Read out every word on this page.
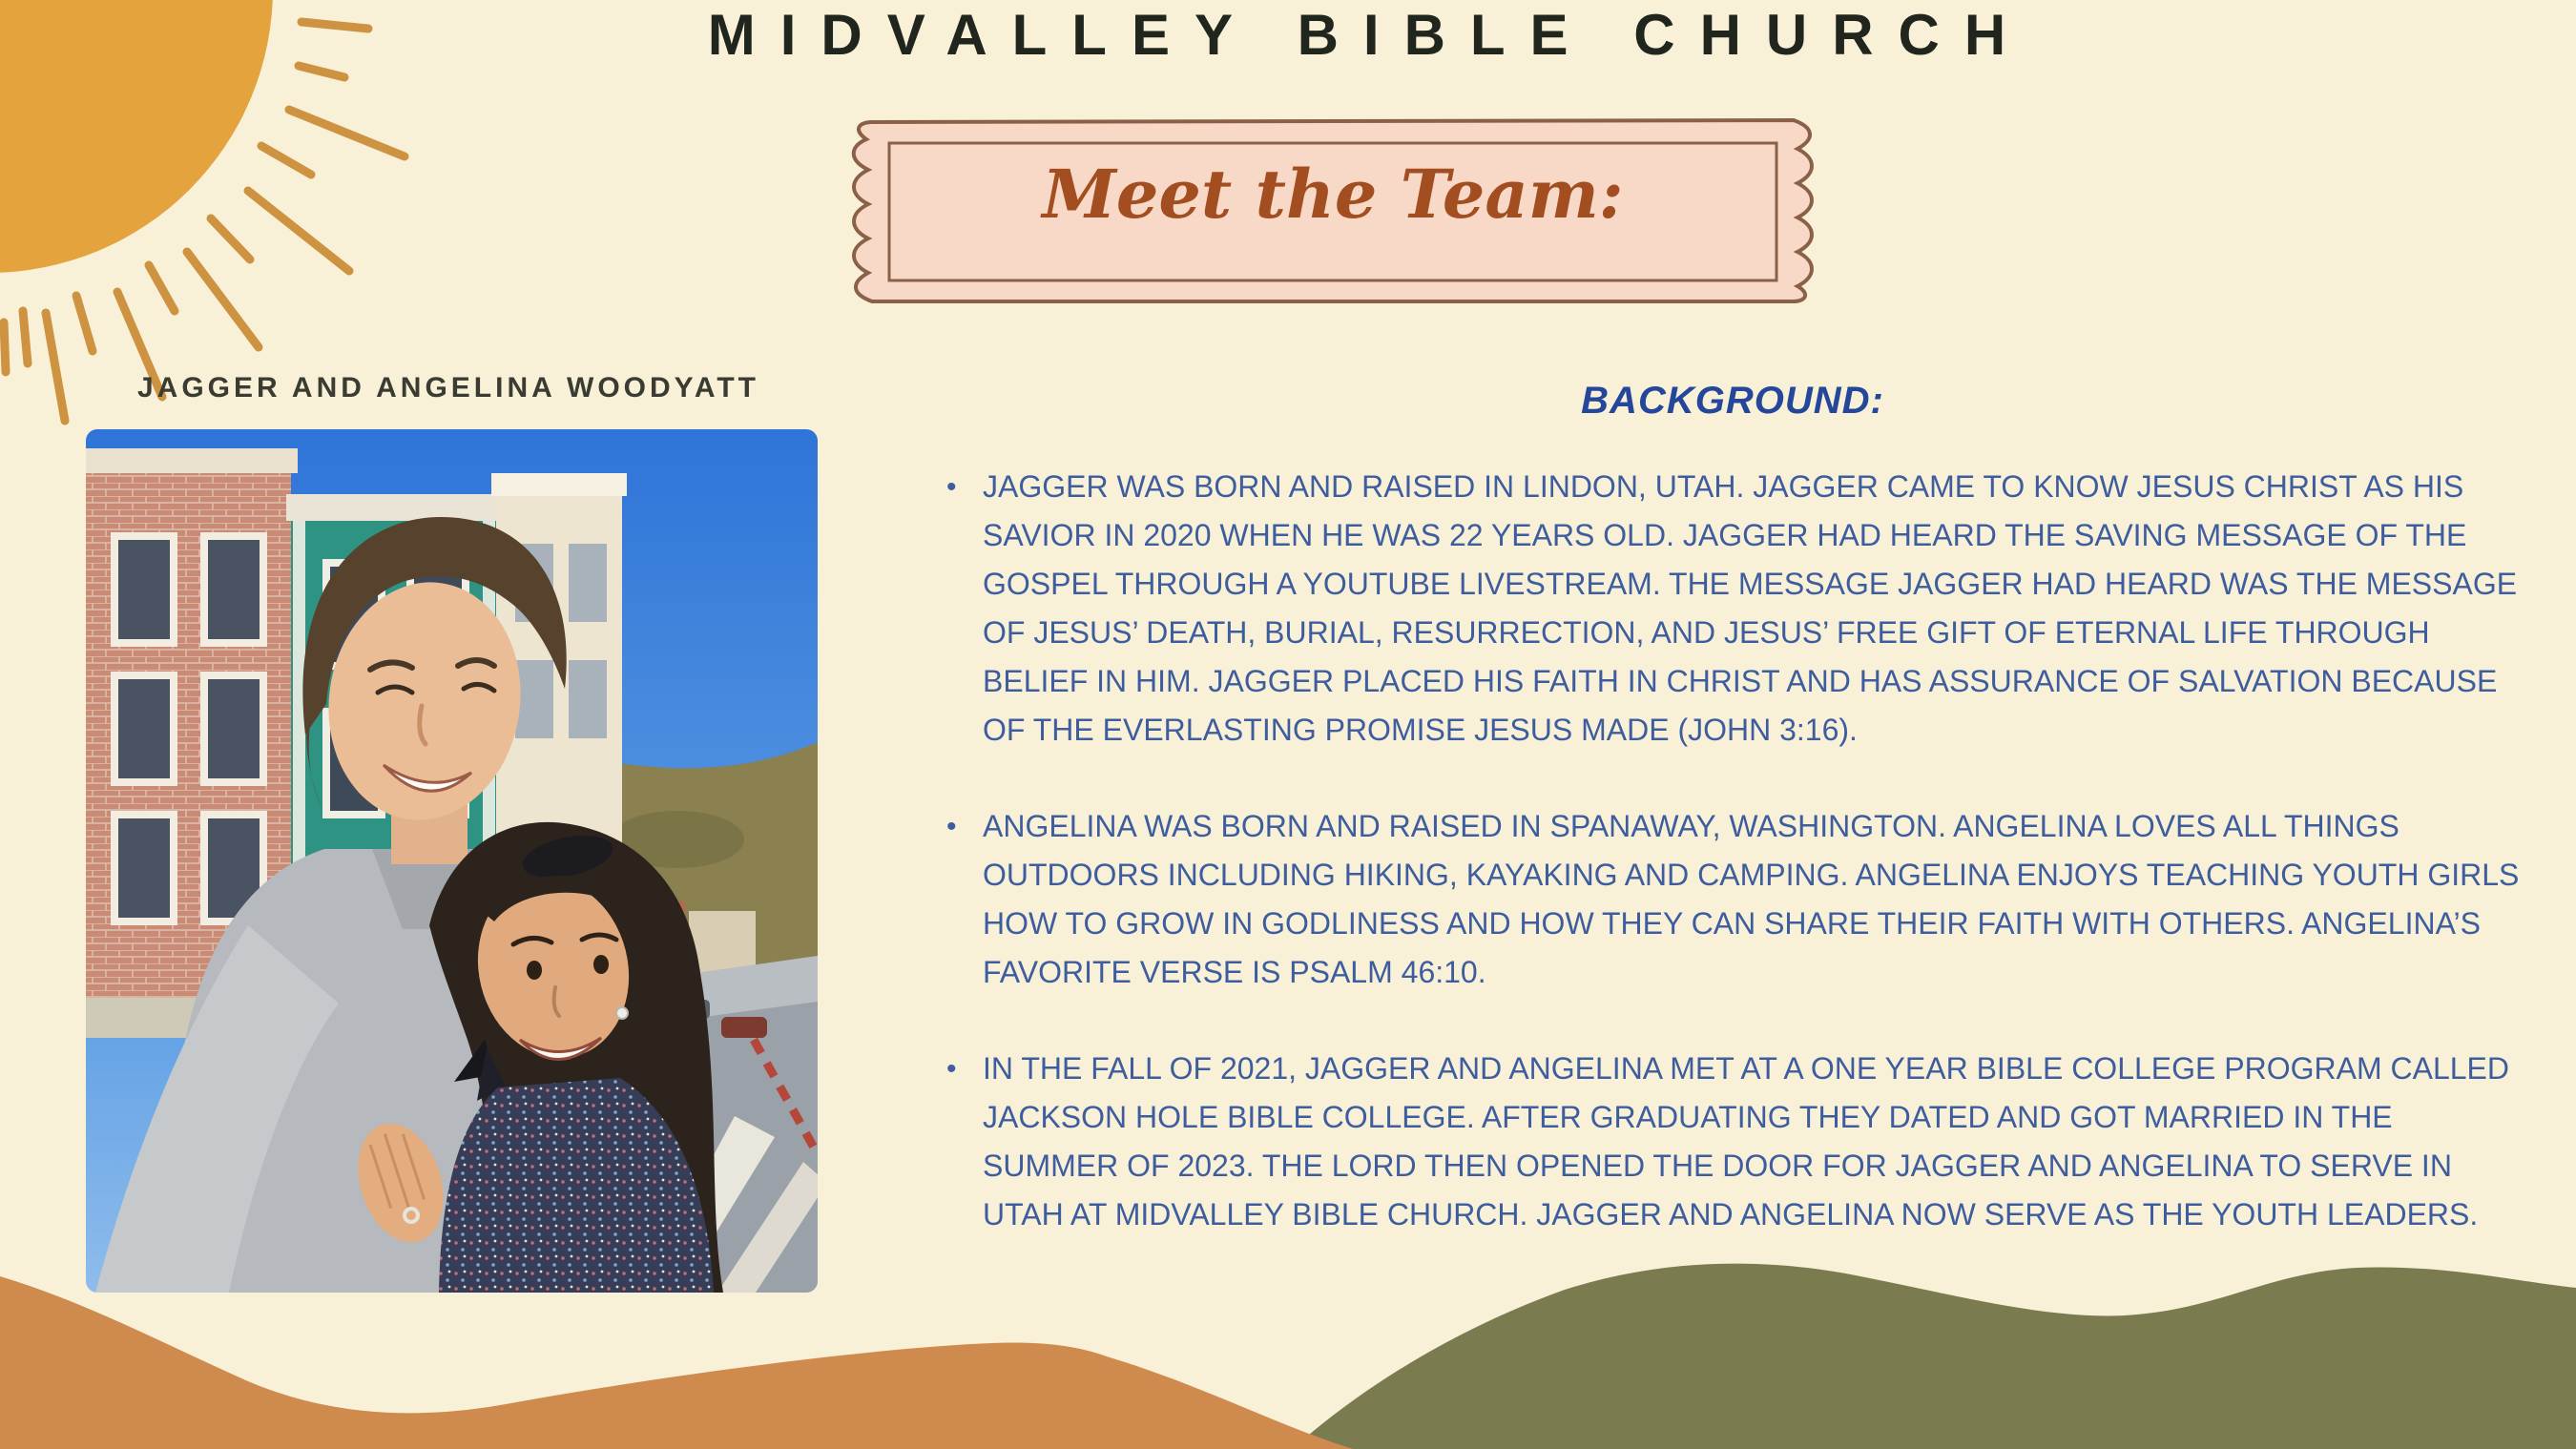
MIDVALLEY BIBLE CHURCH
Meet the Team:
JAGGER AND ANGELINA WOODYATT	BACKGROUND:
• JAGGER WAS BORN AND RAISED IN LINDON, UTAH. JAGGER CAME TO KNOW JESUS CHRIST AS HIS SAVIOR IN 2020 WHEN HE WAS 22 YEARS OLD. JAGGER HAD HEARD THE SAVING MESSAGE OF THE GOSPEL THROUGH A YOUTUBE LIVESTREAM. THE MESSAGE JAGGER HAD HEARD WAS THE MESSAGE OF JESUS’ DEATH, BURIAL, RESURRECTION, AND JESUS’ FREE GIFT OF ETERNAL LIFE THROUGH BELIEF IN HIM. JAGGER PLACED HIS FAITH IN CHRIST AND HAS ASSURANCE OF SALVATION BECAUSE OF THE EVERLASTING PROMISE JESUS MADE (JOHN 3:16).
• ANGELINA WAS BORN AND RAISED IN SPANAWAY, WASHINGTON. ANGELINA LOVES ALL THINGS OUTDOORS INCLUDING HIKING, KAYAKING AND CAMPING. ANGELINA ENJOYS TEACHING YOUTH GIRLS HOW TO GROW IN GODLINESS AND HOW THEY CAN SHARE THEIR FAITH WITH OTHERS. ANGELINA’S FAVORITE VERSE IS PSALM 46:10.
• IN THE FALL OF 2021, JAGGER AND ANGELINA MET AT A ONE YEAR BIBLE COLLEGE PROGRAM CALLED JACKSON HOLE BIBLE COLLEGE. AFTER GRADUATING THEY DATED AND GOT MARRIED IN THE SUMMER OF 2023. THE LORD THEN OPENED THE DOOR FOR JAGGER AND ANGELINA TO SERVE IN UTAH AT MIDVALLEY BIBLE CHURCH. JAGGER AND ANGELINA NOW SERVE AS THE YOUTH LEADERS.
